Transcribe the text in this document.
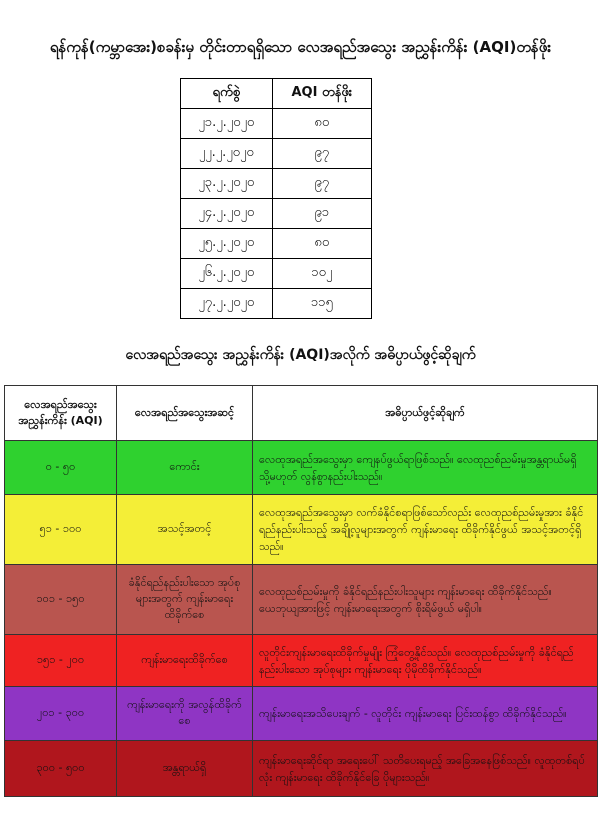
ရန်ကုန်(ကမ္ဘာအေး)စခန်းမှ တိုင်းတာရရှိသော လေအရည်အသွေး အညွှန်းကိန်း (AQI)တန်ဖိုး
ရက်စွဲ	AQI တန်ဖိုး
၂၁.၂.၂၀၂၀	၈၀
၂၂.၂.၂၀၂၀	၉၇
၂၃.၂.၂၀၂၀	၉၇
၂၄.၂.၂၀၂၀	၉၁
၂၅.၂.၂၀၂၀	၈၀
၂၆.၂.၂၀၂၀	၁၀၂
၂၇.၂.၂၀၂၀	၁၁၅
လေအရည်အသွေး အညွှန်းကိန်း (AQI)အလိုက် အဓိပ္ပာယ်ဖွင့်ဆိုချက်
လေအရည်အသွေး အညွှန်းကိန်း (AQI)	လေအရည်အသွေးအဆင့်	အဓိပ္ပာယ်ဖွင့်ဆိုချက်
၀ - ၅၀	ကောင်း	လေထုအရည်အသွေးမှာ ကျေနပ်ဖွယ်ရာဖြစ်သည်။ လေထုညစ်ညမ်းမှုအန္တရာယ်မရှိ သို့မဟုတ် လွန်စွာနည်းပါးသည်။
၅၁ - ၁၀၀	အသင့်အတင့်	လေထုအရည်အသွေးမှာ လက်ခံနိုင်စရာဖြစ်သော်လည်း လေထုညစ်ညမ်းမှုအား ခံနိုင်ရည်နည်းပါးသည့် အချို့လူများအတွက် ကျန်းမာရေး ထိခိုက်နိုင်ဖွယ် အသင့်အတင့်ရှိသည်။
၁၀၁ - ၁၅၀	ခံနိုင်ရည်နည်းပါးသော အုပ်စုများအတွက် ကျန်းမာရေးထိခိုက်စေ	လေထုညစ်ညမ်းမှုကို ခံနိုင်ရည်နည်းပါးသူများ ကျန်းမာရေး ထိခိုက်နိုင်သည်။ ယေဘုယျအားဖြင့် ကျန်းမာရေးအတွက် စိုးရိမ်ဖွယ် မရှိပါ။
၁၅၁ - ၂၀၀	ကျန်းမာရေးထိခိုက်စေ	လူတိုင်းကျန်းမာရေးထိခိုက်မှုမျိုး ကြုံတွေ့နိုင်သည်။ လေထုညစ်ညမ်းမှုကို ခံနိုင်ရည်နည်းပါးသော အုပ်စုများ ကျန်းမာရေး ပိုမိုထိခိုက်နိုင်သည်။
၂၀၁ - ၃၀၀	ကျန်းမာရေးကို အလွန်ထိခိုက်စေ	ကျန်းမာရေးအသိပေးချက် - လူတိုင်း ကျန်းမာရေး ပြင်းထန်စွာ ထိခိုက်နိုင်သည်။
၃၀၀ - ၅၀၀	အန္တရာယ်ရှိ	ကျန်းမာရေးဆိုင်ရာ အရေးပေါ် သတိပေးရမည့် အခြေအနေဖြစ်သည်။ လူထုတစ်ရပ်လုံး ကျန်းမာရေး ထိခိုက်နိုင်ခြေ ပိုများသည်။
